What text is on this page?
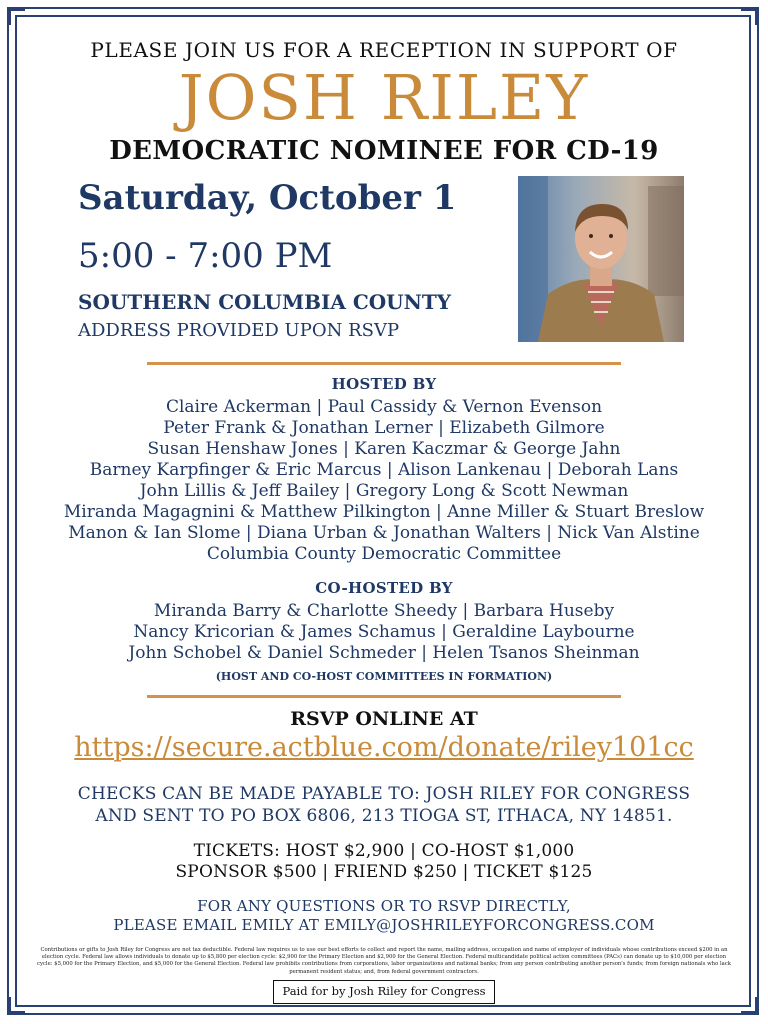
PLEASE JOIN US FOR A RECEPTION IN SUPPORT OF
JOSH RILEY
DEMOCRATIC NOMINEE FOR CD-19
Saturday, October 1
5:00 - 7:00 PM
SOUTHERN COLUMBIA COUNTY
ADDRESS PROVIDED UPON RSVP
HOSTED BY
Claire Ackerman | Paul Cassidy & Vernon Evenson
Peter Frank & Jonathan Lerner | Elizabeth Gilmore
Susan Henshaw Jones | Karen Kaczmar & George Jahn
Barney Karpfinger & Eric Marcus | Alison Lankenau | Deborah Lans
John Lillis & Jeff Bailey | Gregory Long & Scott Newman
Miranda Magagnini & Matthew Pilkington | Anne Miller & Stuart Breslow
Manon & Ian Slome | Diana Urban & Jonathan Walters | Nick Van Alstine
Columbia County Democratic Committee
CO-HOSTED BY
Miranda Barry & Charlotte Sheedy | Barbara Huseby
Nancy Kricorian & James Schamus | Geraldine Laybourne
John Schobel & Daniel Schmeder | Helen Tsanos Sheinman
(HOST AND CO-HOST COMMITTEES IN FORMATION)
RSVP ONLINE AT
https://secure.actblue.com/donate/riley101cc
CHECKS CAN BE MADE PAYABLE TO: JOSH RILEY FOR CONGRESS
AND SENT TO PO BOX 6806, 213 TIOGA ST, ITHACA, NY 14851.
TICKETS: HOST $2,900 | CO-HOST $1,000
SPONSOR $500 | FRIEND $250 | TICKET $125
FOR ANY QUESTIONS OR TO RSVP DIRECTLY,
PLEASE EMAIL EMILY AT EMILY@JOSHRILEYFORCONGRESS.COM
Contributions or gifts to Josh Riley for Congress are not tax deductible. Federal law requires us to use our best efforts to collect and report the name, mailing address, occupation and name of employer of individuals whose contributions exceed $200 in an election cycle. Federal law allows individuals to donate up to $5,800 per election cycle: $2,900 for the Primary Election and $2,900 for the General Election. Federal multicandidate political action committees (PACs) can donate up to $10,000 per election cycle: $5,000 for the Primary Election, and $5,000 for the General Election. Federal law prohibits contributions from corporations, labor organizations and national banks; from any person contributing another person's funds; from foreign nationals who lack permanent resident status; and, from federal government contractors.
Paid for by Josh Riley for Congress
